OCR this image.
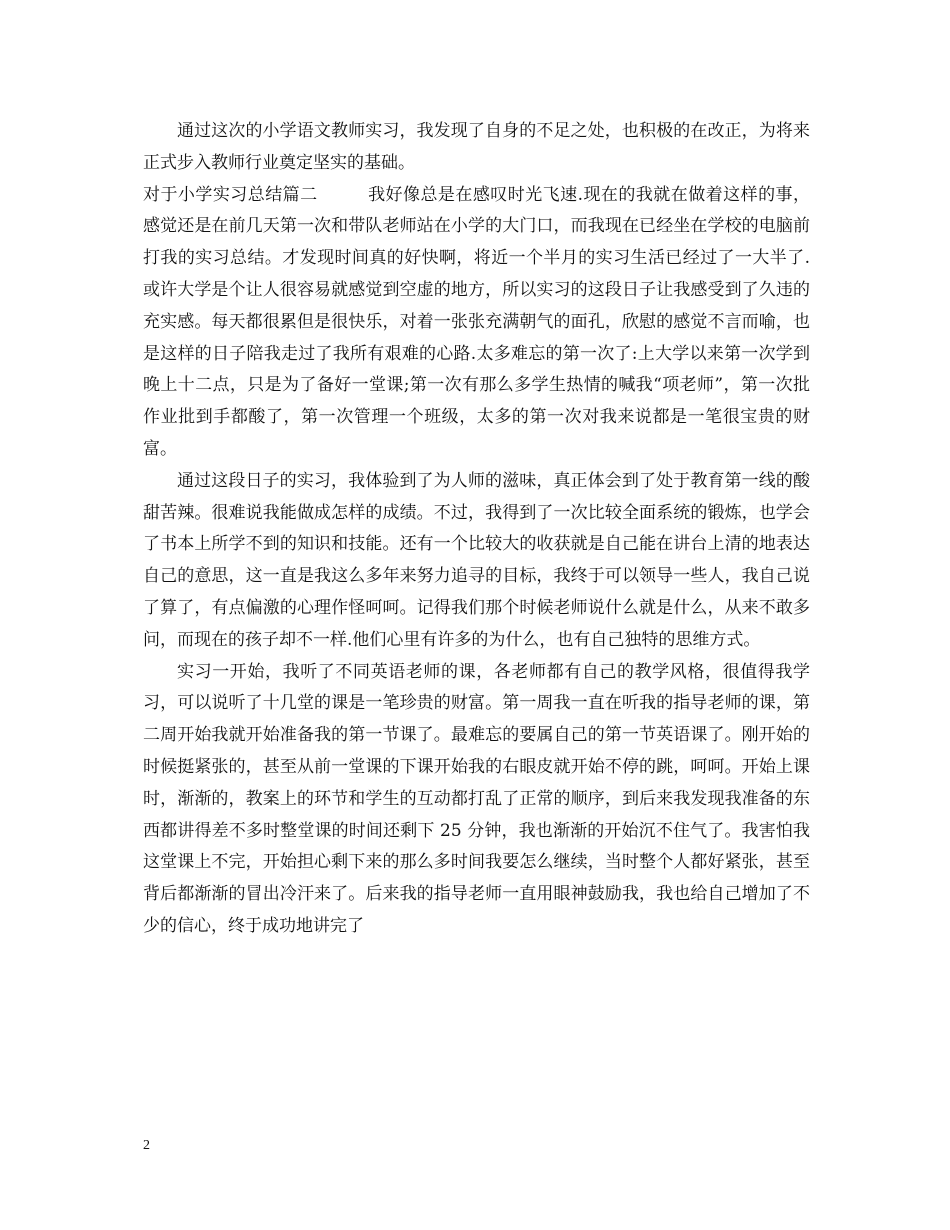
通过这次的小学语文教师实习，我发现了自身的不足之处，也积极的在改正，为将来正式步入教师行业奠定坚实的基础。

对于小学实习总结篇二	我好像总是在感叹时光飞速.现在的我就在做着这样的事，感觉还是在前几天第一次和带队老师站在小学的大门口，而我现在已经坐在学校的电脑前打我的实习总结。才发现时间真的好快啊，将近一个半月的实习生活已经过了一大半了.或许大学是个让人很容易就感觉到空虚的地方，所以实习的这段日子让我感受到了久违的充实感。每天都很累但是很快乐，对着一张张充满朝气的面孔，欣慰的感觉不言而喻，也是这样的日子陪我走过了我所有艰难的心路.太多难忘的第一次了:上大学以来第一次学到晚上十二点，只是为了备好一堂课;第一次有那么多学生热情的喊我“项老师”，第一次批作业批到手都酸了，第一次管理一个班级，太多的第一次对我来说都是一笔很宝贵的财富。

通过这段日子的实习，我体验到了为人师的滋味，真正体会到了处于教育第一线的酸甜苦辣。很难说我能做成怎样的成绩。不过，我得到了一次比较全面系统的锻炼，也学会了书本上所学不到的知识和技能。还有一个比较大的收获就是自己能在讲台上清的地表达自己的意思，这一直是我这么多年来努力追寻的目标，我终于可以领导一些人，我自己说了算了，有点偏激的心理作怪呵呵。记得我们那个时候老师说什么就是什么，从来不敢多问，而现在的孩子却不一样.他们心里有许多的为什么，也有自己独特的思维方式。

实习一开始，我听了不同英语老师的课，各老师都有自己的教学风格，很值得我学习，可以说听了十几堂的课是一笔珍贵的财富。第一周我一直在听我的指导老师的课，第二周开始我就开始准备我的第一节课了。最难忘的要属自己的第一节英语课了。刚开始的时候挺紧张的，甚至从前一堂课的下课开始我的右眼皮就开始不停的跳，呵呵。开始上课时，渐渐的，教案上的环节和学生的互动都打乱了正常的顺序，到后来我发现我准备的东西都讲得差不多时整堂课的时间还剩下 25 分钟，我也渐渐的开始沉不住气了。我害怕我这堂课上不完，开始担心剩下来的那么多时间我要怎么继续，当时整个人都好紧张，甚至背后都渐渐的冒出冷汗来了。后来我的指导老师一直用眼神鼓励我，我也给自己增加了不少的信心，终于成功地讲完了

2
